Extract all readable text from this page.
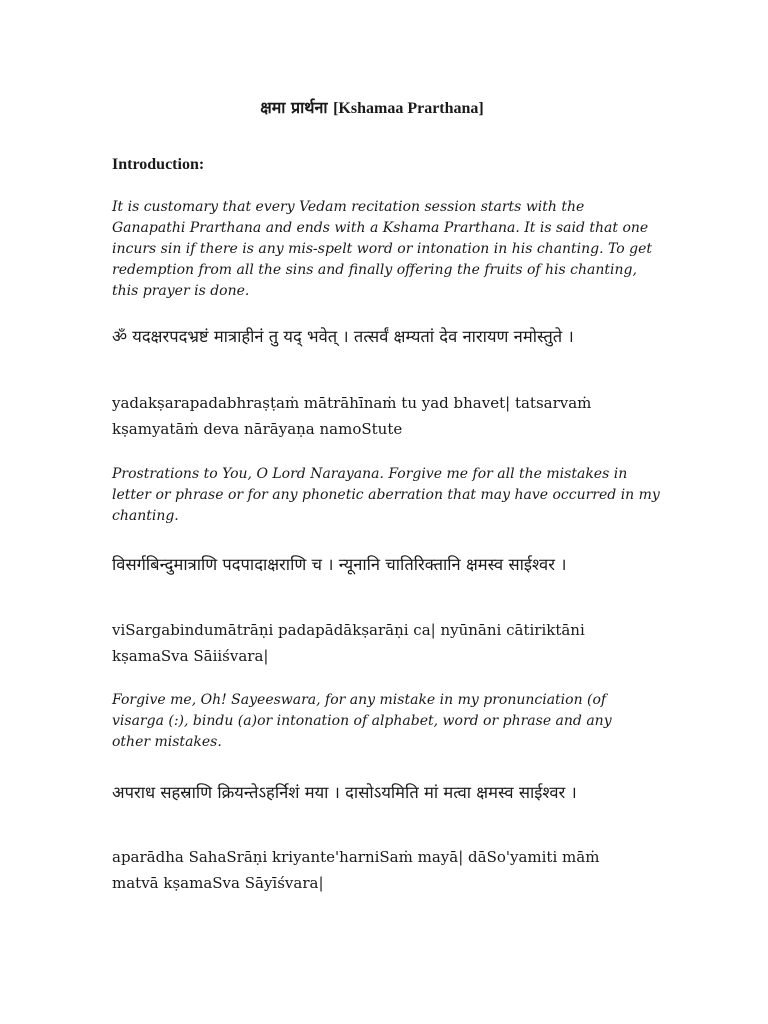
क्षमा प्रार्थना [Kshamaa Prarthana]
Introduction:

It is customary that every Vedam recitation session starts with the
Ganapathi Prarthana and ends with a Kshama Prarthana. It is said that one
incurs sin if there is any mis-spelt word or intonation in his chanting. To get
redemption from all the sins and finally offering the fruits of his chanting,
this prayer is done.

ॐ यदक्षरपदभ्रष्टं मात्राहीनं तु यद् भवेत् । तत्सर्वं क्षम्यतां देव नारायण नमोस्तुते ।

yadakṣarapadabhraṣṭaṁ mātrāhīnaṁ tu yad bhavet| tatsarvaṁ
kṣamyatāṁ deva nārāyaṇa namoStute

Prostrations to You, O Lord Narayana. Forgive me for all the mistakes in
letter or phrase or for any phonetic aberration that may have occurred in my
chanting.

विसर्गबिन्दुमात्राणि पदपादाक्षराणि च । न्यूनानि चातिरिक्तानि क्षमस्व साईश्वर ।

viSargabindumātrāṇi padapādākṣarāṇi ca| nyūnāni cātiriktāni
kṣamaSva Sāiiśvara|

Forgive me, Oh! Sayeeswara, for any mistake in my pronunciation (of
visarga (:), bindu (a)or intonation of alphabet, word or phrase and any
other mistakes.

अपराध सहस्राणि क्रियन्तेऽहर्निशं मया । दासोऽयमिति मां मत्वा क्षमस्व साईश्वर ।

aparādha SahaSrāṇi kriyante'harniSaṁ mayā| dāSo'yamiti māṁ
matvā kṣamaSva Sāyīśvara|
